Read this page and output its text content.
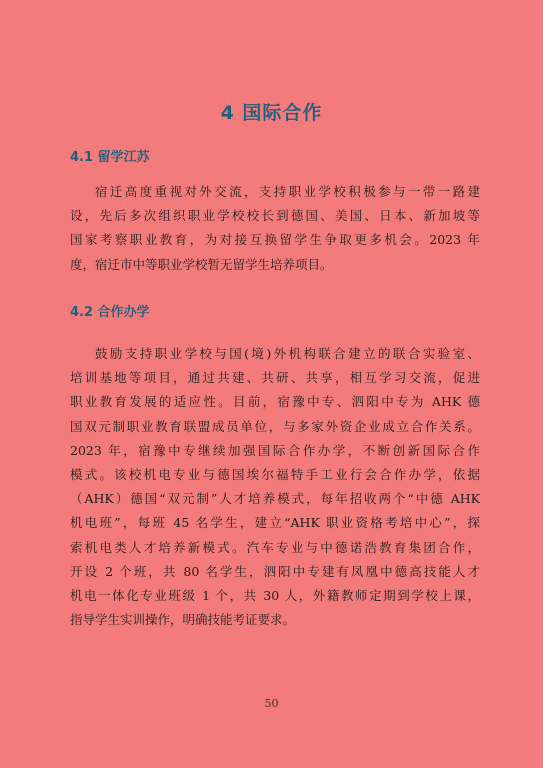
4 国际合作
4.1 留学江苏
宿迁高度重视对外交流，支持职业学校积极参与一带一路建
设，先后多次组织职业学校校长到德国、美国、日本、新加坡等
国家考察职业教育，为对接互换留学生争取更多机会。2023 年
度，宿迁市中等职业学校暂无留学生培养项目。
4.2 合作办学
鼓励支持职业学校与国(境)外机构联合建立的联合实验室、
培训基地等项目，通过共建、共研、共享，相互学习交流，促进
职业教育发展的适应性。目前，宿豫中专、泗阳中专为 AHK 德
国双元制职业教育联盟成员单位，与多家外资企业成立合作关系。
2023 年，宿豫中专继续加强国际合作办学，不断创新国际合作
模式。该校机电专业与德国埃尔福特手工业行会合作办学，依据
（AHK）德国“双元制”人才培养模式，每年招收两个“中德 AHK
机电班”，每班 45 名学生，建立“AHK 职业资格考培中心”，探
索机电类人才培养新模式。汽车专业与中德诺浩教育集团合作，
开设 2 个班，共 80 名学生，泗阳中专建有凤凰中德高技能人才
机电一体化专业班级 1 个，共 30 人，外籍教师定期到学校上课，
指导学生实训操作，明确技能考证要求。
50
